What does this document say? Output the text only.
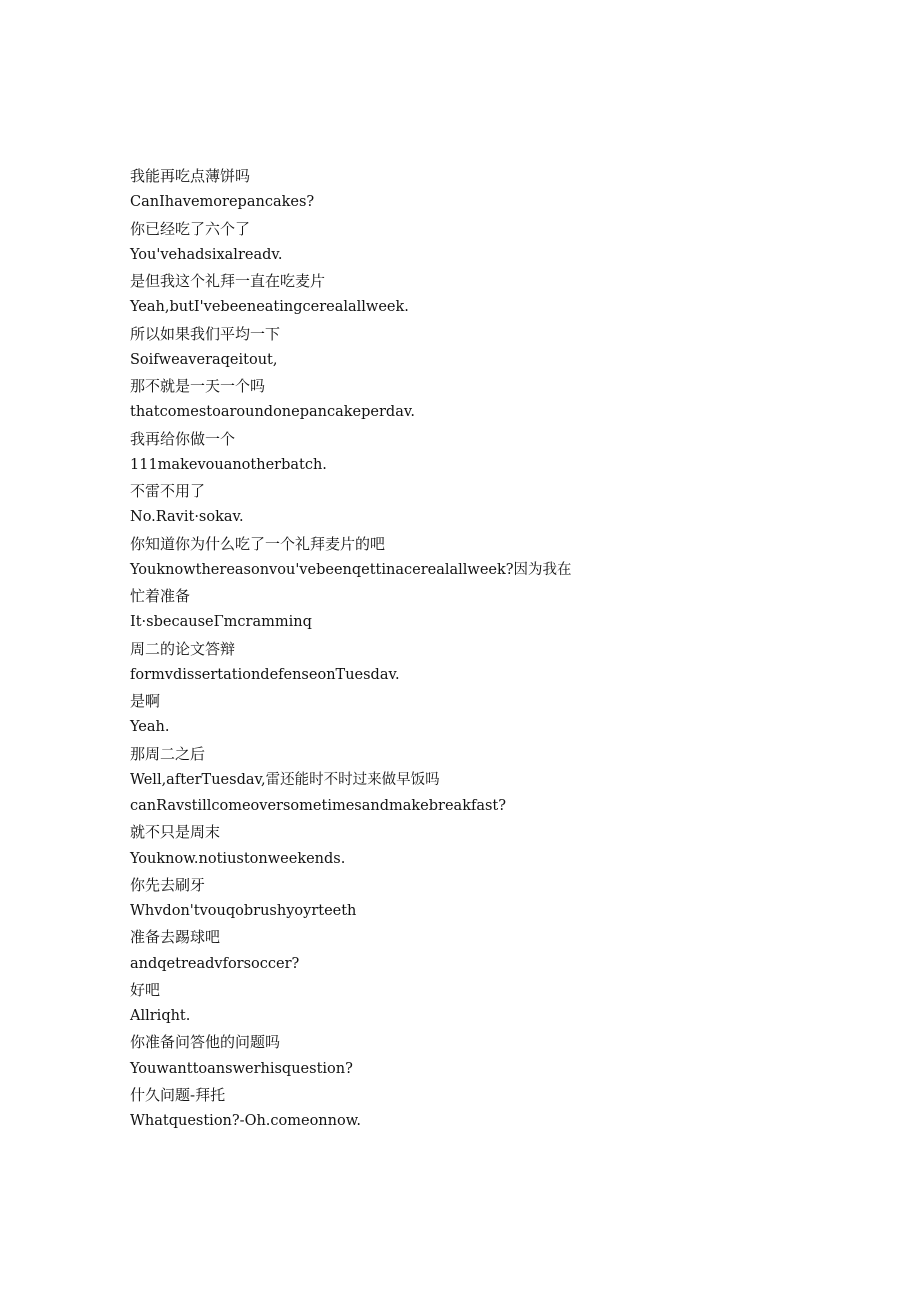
我能再吃点薄饼吗
CanIhavemorepancakes?
你已经吃了六个了
You'vehadsixalreadv.
是但我这个礼拜一直在吃麦片
Yeah,butI'vebeeneatingcerealallweek.
所以如果我们平均一下
Soifweaveraqeitout,
那不就是一天一个吗
thatcomestoaroundonepancakeperdav.
我再给你做一个
111makevouanotherbatch.
不雷不用了
No.Ravit·sokav.
你知道你为什么吃了一个礼拜麦片的吧
Youknowthereasonvou'vebeenqettinacerealallweek?因为我在
忙着准备
It·sbecauseΓmcramminq
周二的论文答辩
formvdissertationdefenseonTuesdav.
是啊
Yeah.
那周二之后
Well,afterTuesdav,雷还能时不时过来做早饭吗
canRavstillcomeoversometimesandmakebreakfast?
就不只是周末
Youknow.notiustonweekends.
你先去刷牙
Whvdon'tvouqobrushyoyrteeth
准备去踢球吧
andqetreadvforsoccer?
好吧
Allriqht.
你准备问答他的问题吗
Youwanttoanswerhisquestion?
什久问题-拜托
Whatquestion?-Oh.comeonnow.
